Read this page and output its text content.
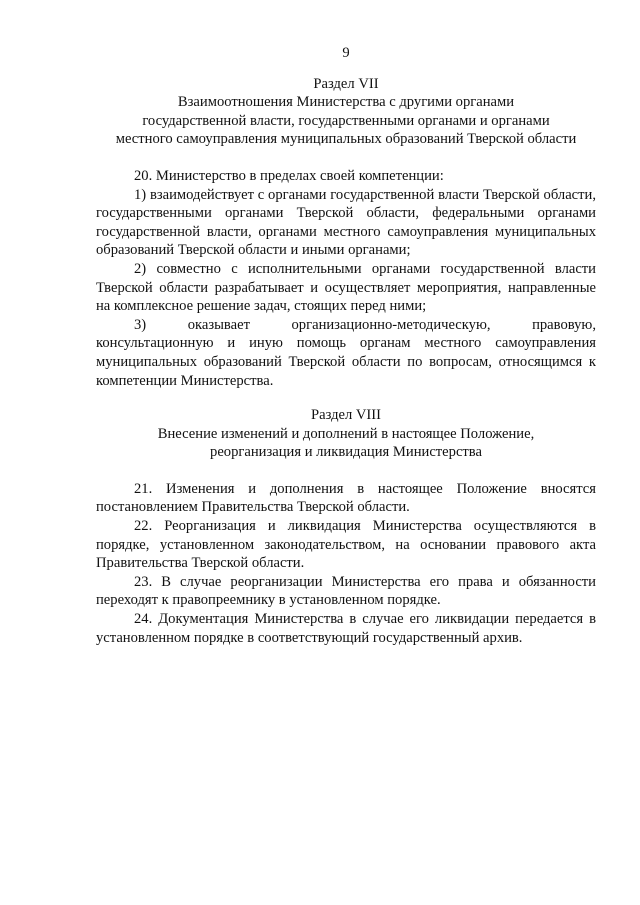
9
Раздел VII
Взаимоотношения Министерства с другими органами
государственной власти, государственными органами и органами
местного самоуправления муниципальных образований Тверской области

20. Министерство в пределах своей компетенции:

1) взаимодействует с органами государственной власти Тверской области, государственными органами Тверской области, федеральными органами государственной власти, органами местного самоуправления муниципальных образований Тверской области и иными органами;

2) совместно с исполнительными органами государственной власти Тверской области разрабатывает и осуществляет мероприятия, направленные на комплексное решение задач, стоящих перед ними;

3) оказывает организационно-методическую, правовую,

консультационную и иную помощь органам местного самоуправления муниципальных образований Тверской области по вопросам, относящимся к компетенции Министерства.

Раздел VIII
Внесение изменений и дополнений в настоящее Положение,
реорганизация и ликвидация Министерства

21. Изменения и дополнения в настоящее Положение вносятся постановлением Правительства Тверской области.

22. Реорганизация и ликвидация Министерства осуществляются в порядке, установленном законодательством, на основании правового акта Правительства Тверской области.

23. В случае реорганизации Министерства его права и обязанности переходят к правопреемнику в установленном порядке.

24. Документация Министерства в случае его ликвидации передается в установленном порядке в соответствующий государственный архив.
